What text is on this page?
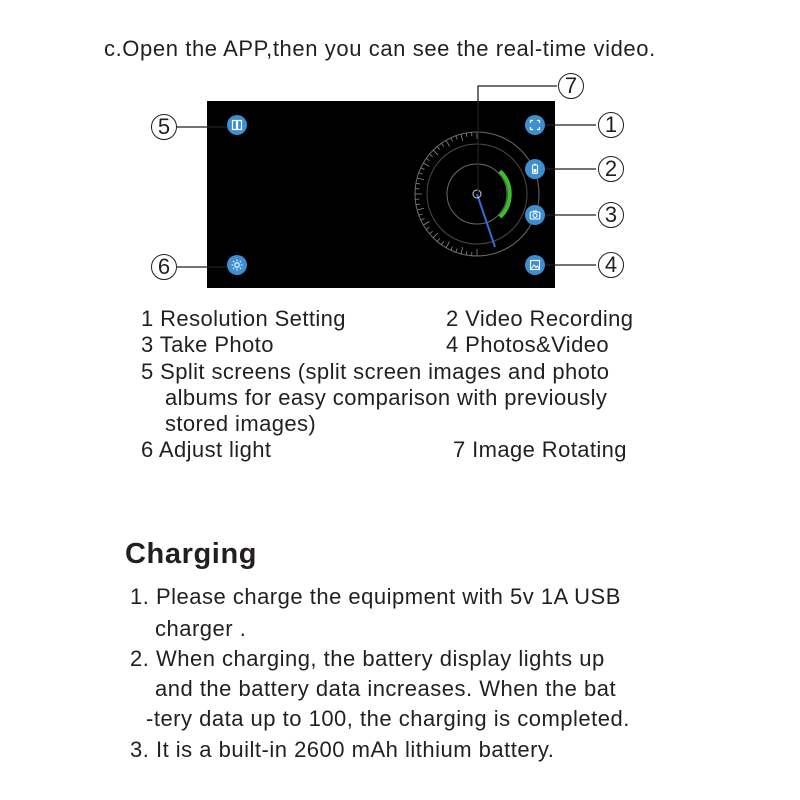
c.Open the APP,then you can see the real-time video.
5
6
1
2
3
4
7
1 Resolution Setting	2 Video Recording
3 Take Photo	4 Photos&Video
5 Split screens (split screen images and photo
albums for easy comparison with previously
stored images)
6 Adjust light	7 Image Rotating
Charging
1. Please charge the equipment with 5v 1A USB
charger .
2. When charging, the battery display lights up
and the battery data increases. When the bat
-tery data up to 100, the charging is completed.
3. It is a built-in 2600 mAh lithium battery.
